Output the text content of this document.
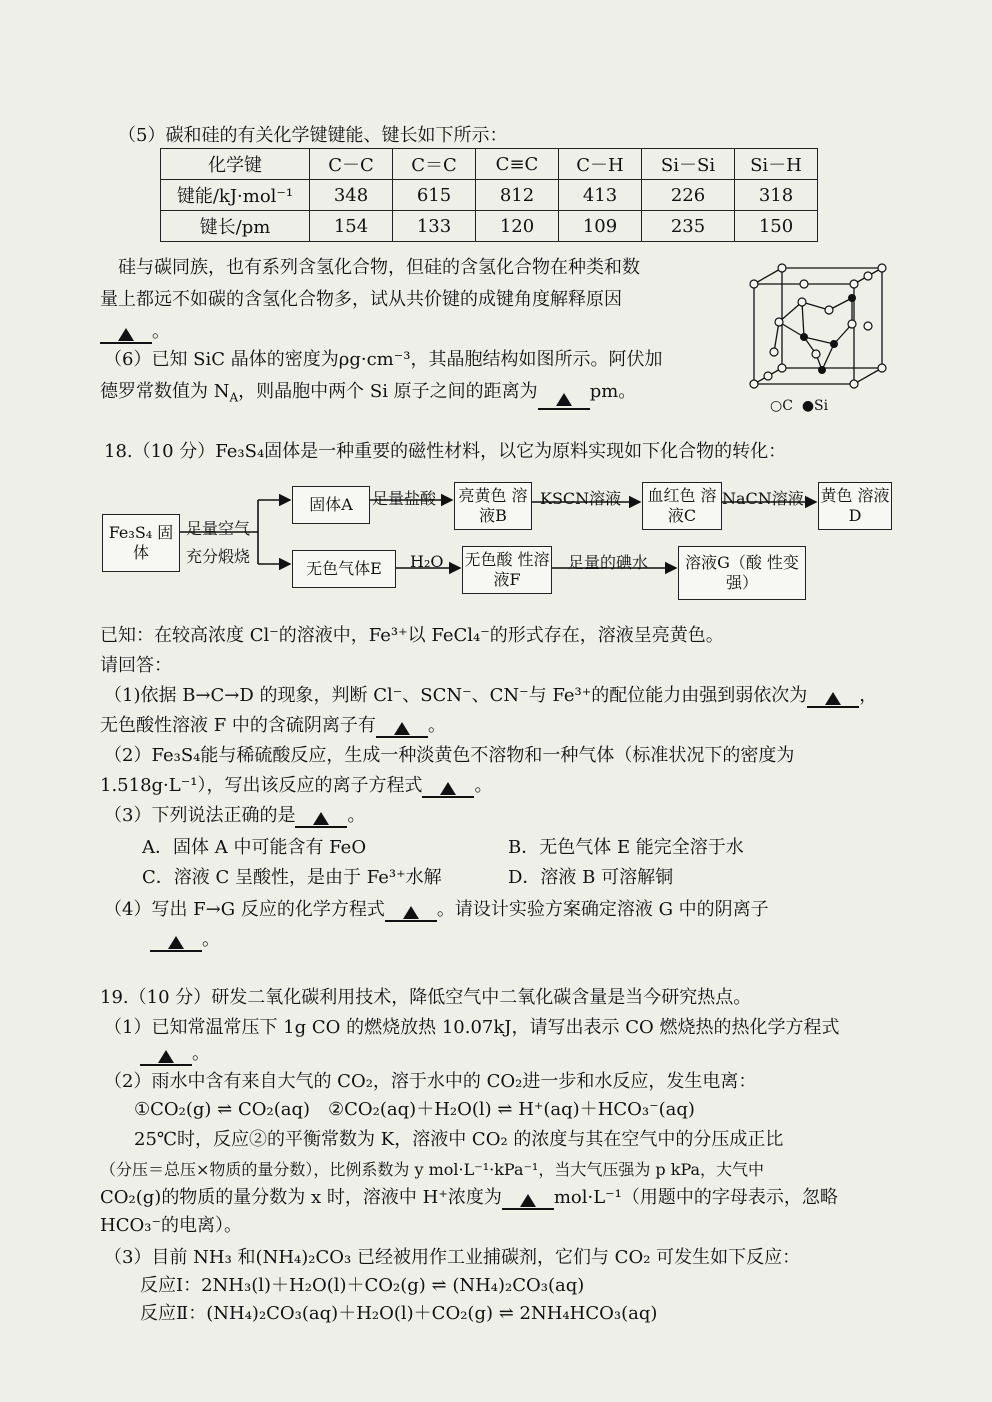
（5）碳和硅的有关化学键键能、键长如下所示：
化学键	C－C	C＝C	C≡C	C－H	Si－Si	Si－H
键能/kJ·mol⁻¹	348	615	812	413	226	318
键长/pm	154	133	120	109	235	150
硅与碳同族，也有系列含氢化合物，但硅的含氢化合物在种类和数
量上都远不如碳的含氢化合物多，试从共价键的成键角度解释原因
。
（6）已知 SiC 晶体的密度为ρg·cm⁻³，其晶胞结构如图所示。阿伏加
德罗常数值为 $N_A$，则晶胞中两个 Si 原子之间的距离为	pm。
○C ●Si
18.（10 分）Fe₃S₄固体是一种重要的磁性材料，以它为原料实现如下化合物的转化：
Fe₃S₄ 固体
足量空气
充分煅烧
固体A	足量盐酸 亮黄色 溶液B
KSCN溶液	血红色 溶液C
NaCN溶液 黄色 溶液D
无色气体E	H₂O 无色酸 性溶液F
足量的碘水	溶液G（酸 性变强）
已知：在较高浓度 Cl⁻的溶液中，Fe³⁺以 FeCl₄⁻的形式存在，溶液呈亮黄色。
请回答：
（1)依据 B→C→D 的现象，判断 Cl⁻、SCN⁻、CN⁻与 Fe³⁺的配位能力由强到弱依次为	，
无色酸性溶液 F 中的含硫阴离子有	。
（2）Fe₃S₄能与稀硫酸反应，生成一种淡黄色不溶物和一种气体（标准状况下的密度为
1.518g·L⁻¹），写出该反应的离子方程式	。
（3）下列说法正确的是	。
A．固体 A 中可能含有 FeO	B．无色气体 E 能完全溶于水
C．溶液 C 呈酸性，是由于 Fe³⁺水解	D．溶液 B 可溶解铜
（4）写出 F→G 反应的化学方程式	。请设计实验方案确定溶液 G 中的阴离子
。
19.（10 分）研发二氧化碳利用技术，降低空气中二氧化碳含量是当今研究热点。
（1）已知常温常压下 1g CO 的燃烧放热 10.07kJ，请写出表示 CO 燃烧热的热化学方程式
。
（2）雨水中含有来自大气的 CO₂，溶于水中的 CO₂进一步和水反应，发生电离：
①CO₂(g) ⇌ CO₂(aq)　②CO₂(aq)＋H₂O(l) ⇌ H⁺(aq)＋HCO₃⁻(aq)
25℃时，反应②的平衡常数为 K，溶液中 CO₂ 的浓度与其在空气中的分压成正比
（分压＝总压×物质的量分数），比例系数为 y mol·L⁻¹·kPa⁻¹，当大气压强为 p kPa，大气中
CO₂(g)的物质的量分数为 x 时，溶液中 H⁺浓度为	mol·L⁻¹（用题中的字母表示，忽略
HCO₃⁻的电离）。
（3）目前 NH₃ 和(NH₄)₂CO₃ 已经被用作工业捕碳剂，它们与 CO₂ 可发生如下反应：
反应Ⅰ：2NH₃(l)＋H₂O(l)＋CO₂(g) ⇌ (NH₄)₂CO₃(aq)
反应Ⅱ：(NH₄)₂CO₃(aq)＋H₂O(l)＋CO₂(g) ⇌ 2NH₄HCO₃(aq)
